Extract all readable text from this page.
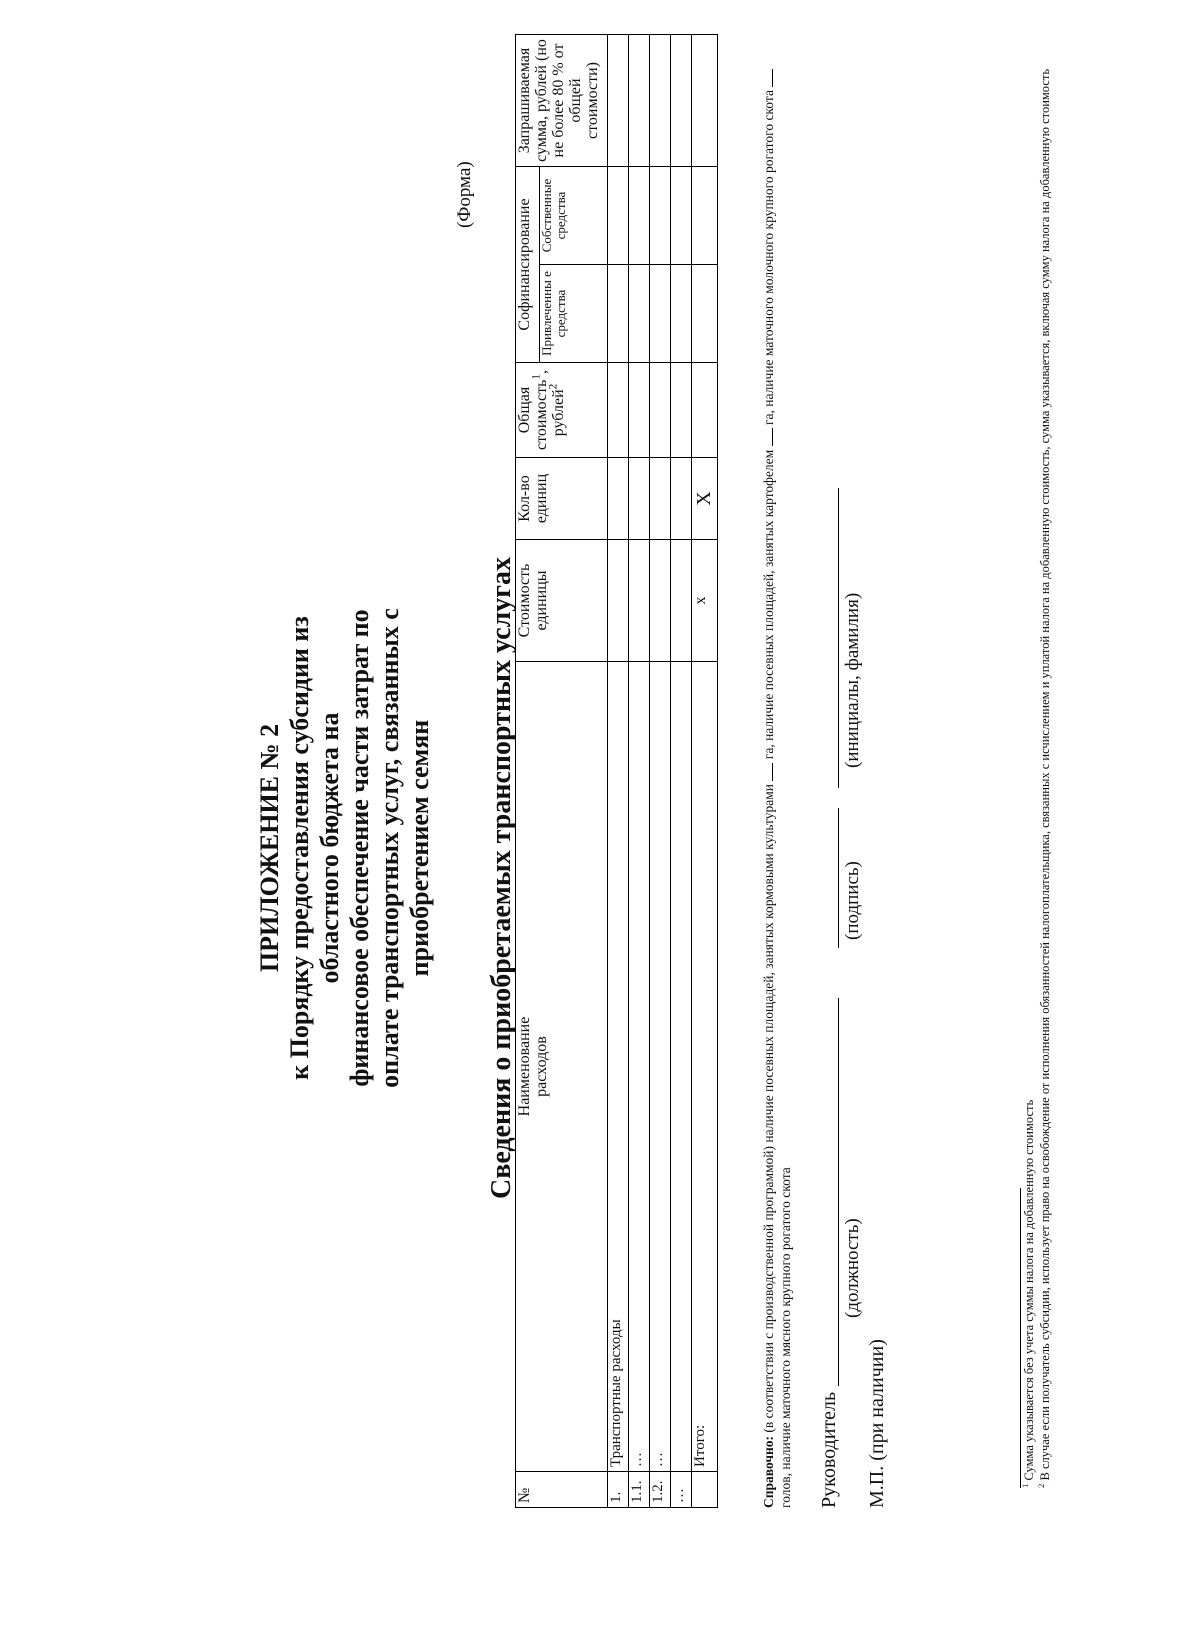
ПРИЛОЖЕНИЕ № 2 к Порядку предоставления субсидии из областного бюджета на финансовое обеспечение части затрат по оплате транспортных услуг, связанных с приобретением семян
(Форма)
Сведения о приобретаемых транспортных услугах
№	Наименование расходов	Стоимость единицы	Кол-во единиц	Общая стоимость$^1$, рублей$^2$	Софинансирование		Запрашиваемая сумма, рублей (но не более 80 % от общей стоимости)
					Привлеченны е средства	Собственные средства	
1.	Транспортные расходы						
1.1.	…						
1.2.	…						
…							
	Итого:	x	X				
Справочно: (в соответствии с производственной программой) наличие посевных площадей, занятых кормовыми культурами  га, наличие посевных площадей, занятых картофелем  га, наличие маточного молочного крупного рогатого скота  голов, наличие маточного мясного крупного рогатого скота Руководитель
(должность)
(подпись)
(инициалы, фамилия)
М.П. (при наличии)	$^1$ Сумма указывается без учета суммы налога на добавленную стоимость
$^2$ В случае если получатель субсидии, использует право на освобождение от исполнения обязанностей налогоплательщика, связанных с исчислением и уплатой налога на добавленную стоимость, сумма указывается, включая сумму налога на добавленную стоимость
